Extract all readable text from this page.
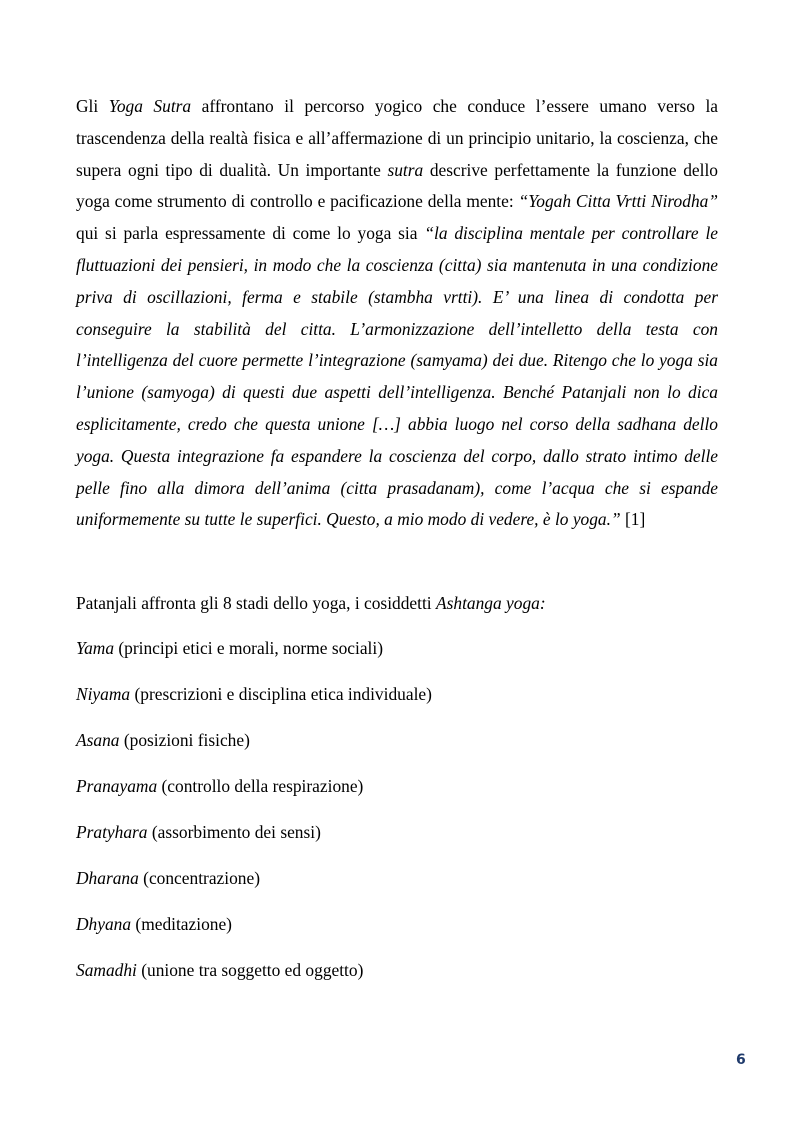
Gli Yoga Sutra affrontano il percorso yogico che conduce l’essere umano verso la trascendenza della realtà fisica e all’affermazione di un principio unitario, la coscienza, che supera ogni tipo di dualità. Un importante sutra descrive perfettamente la funzione dello yoga come strumento di controllo e pacificazione della mente: “Yogah Citta Vrtti Nirodha” qui si parla espressamente di come lo yoga sia “la disciplina mentale per controllare le fluttuazioni dei pensieri, in modo che la coscienza (citta) sia mantenuta in una condizione priva di oscillazioni, ferma e stabile (stambha vrtti). E’ una linea di condotta per conseguire la stabilità del citta. L’armonizzazione dell’intelletto della testa con l’intelligenza del cuore permette l’integrazione (samyama) dei due. Ritengo che lo yoga sia l’unione (samyoga) di questi due aspetti dell’intelligenza. Benché Patanjali non lo dica esplicitamente, credo che questa unione […] abbia luogo nel corso della sadhana dello yoga. Questa integrazione fa espandere la coscienza del corpo, dallo strato intimo delle pelle fino alla dimora dell’anima (citta prasadanam), come l’acqua che si espande uniformemente su tutte le superfici. Questo, a mio modo di vedere, è lo yoga.” [1]

Patanjali affronta gli 8 stadi dello yoga, i cosiddetti Ashtanga yoga:

Yama (principi etici e morali, norme sociali)
Niyama (prescrizioni e disciplina etica individuale)
Asana (posizioni fisiche)
Pranayama (controllo della respirazione)
Pratyhara (assorbimento dei sensi)
Dharana (concentrazione)
Dhyana (meditazione)
Samadhi (unione tra soggetto ed oggetto)
6
